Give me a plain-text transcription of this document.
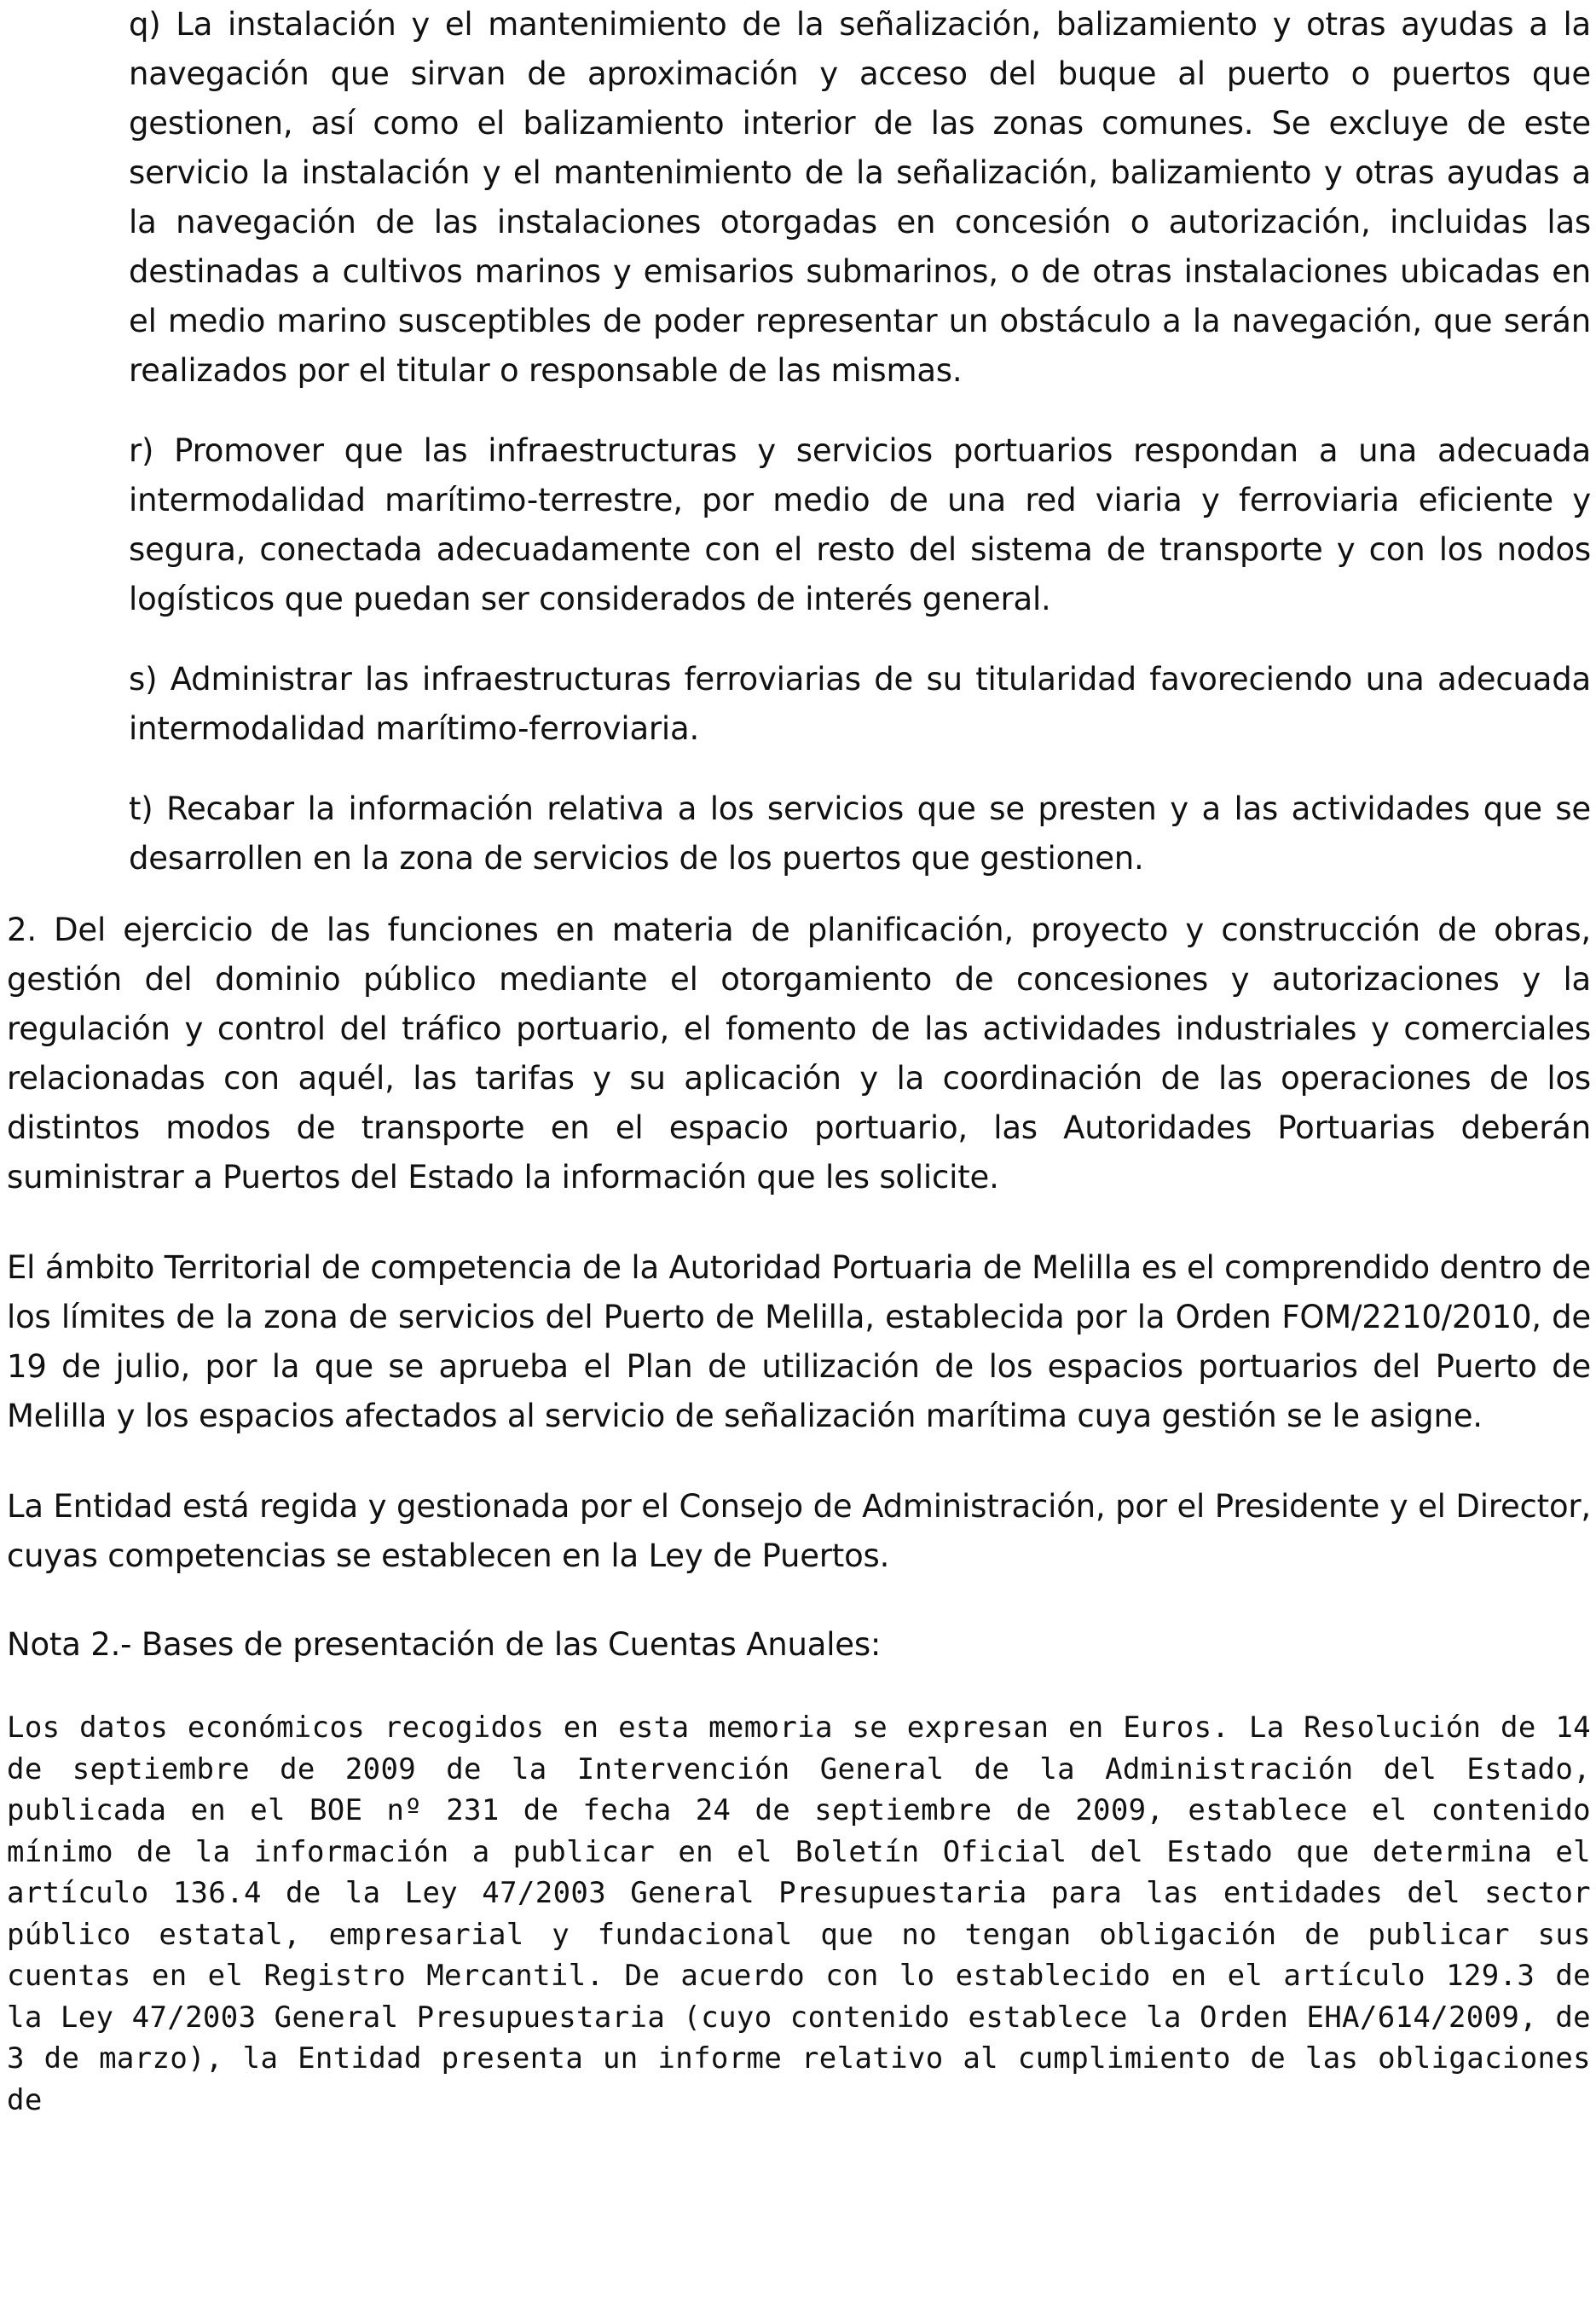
q) La instalación y el mantenimiento de la señalización, balizamiento y otras ayudas a la navegación que sirvan de aproximación y acceso del buque al puerto o puertos que gestionen, así como el balizamiento interior de las zonas comunes. Se excluye de este servicio la instalación y el mantenimiento de la señalización, balizamiento y otras ayudas a la navegación de las instalaciones otorgadas en concesión o autorización, incluidas las destinadas a cultivos marinos y emisarios submarinos, o de otras instalaciones ubicadas en el medio marino susceptibles de poder representar un obstáculo a la navegación, que serán realizados por el titular o responsable de las mismas.

r) Promover que las infraestructuras y servicios portuarios respondan a una adecuada intermodalidad marítimo-terrestre, por medio de una red viaria y ferroviaria eficiente y segura, conectada adecuadamente con el resto del sistema de transporte y con los nodos logísticos que puedan ser considerados de interés general.

s) Administrar las infraestructuras ferroviarias de su titularidad favoreciendo una adecuada intermodalidad marítimo-ferroviaria.

t) Recabar la información relativa a los servicios que se presten y a las actividades que se desarrollen en la zona de servicios de los puertos que gestionen.

2. Del ejercicio de las funciones en materia de planificación, proyecto y construcción de obras, gestión del dominio público mediante el otorgamiento de concesiones y autorizaciones y la regulación y control del tráfico portuario, el fomento de las actividades industriales y comerciales relacionadas con aquél, las tarifas y su aplicación y la coordinación de las operaciones de los distintos modos de transporte en el espacio portuario, las Autoridades Portuarias deberán suministrar a Puertos del Estado la información que les solicite.

El ámbito Territorial de competencia de la Autoridad Portuaria de Melilla es el comprendido dentro de los límites de la zona de servicios del Puerto de Melilla, establecida por la Orden FOM/2210/2010, de 19 de julio, por la que se aprueba el Plan de utilización de los espacios portuarios del Puerto de Melilla y los espacios afectados al servicio de señalización marítima cuya gestión se le asigne.

La Entidad está regida y gestionada por el Consejo de Administración, por el Presidente y el Director, cuyas competencias se establecen en la Ley de Puertos.

Nota 2.- Bases de presentación de las Cuentas Anuales:

Los datos económicos recogidos en esta memoria se expresan en Euros. La Resolución de 14 de septiembre de 2009 de la Intervención General de la Administración del Estado, publicada en el BOE nº 231 de fecha 24 de septiembre de 2009, establece el contenido mínimo de la información a publicar en el Boletín Oficial del Estado que determina el artículo 136.4 de la Ley 47/2003 General Presupuestaria para las entidades del sector público estatal, empresarial y fundacional que no tengan obligación de publicar sus cuentas en el Registro Mercantil. De acuerdo con lo establecido en el artículo 129.3 de la Ley 47/2003 General Presupuestaria (cuyo contenido establece la Orden EHA/614/2009, de 3 de marzo), la Entidad presenta un informe relativo al cumplimiento de las obligaciones de
